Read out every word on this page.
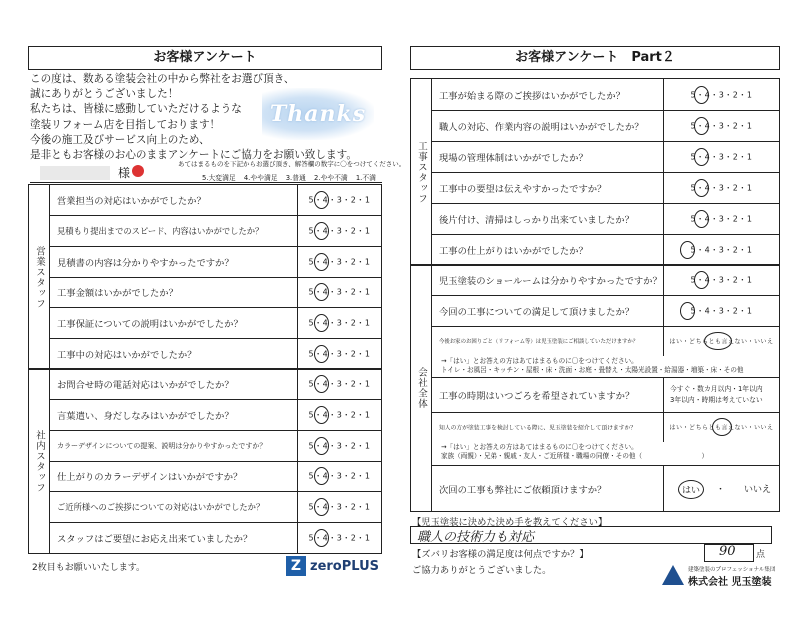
お客様アンケート
この度は、数ある塗装会社の中から弊社をお選び頂き、
誠にありがとうございました！
私たちは、皆様に感動していただけるような
塗装リフォーム店を目指しております！
今後の施工及びサービス向上のため、
是非ともお客様のお心のままアンケートにご協力をお願い致します。
Thanks
様
あてはまるものを下記からお選び頂き、解答欄の数字に〇をつけてください。
5.大変満足 4.やや満足 3.普通 2.やや不満 1.不満
営業スタッフ
営業担当の対応はいかがでしたか？	5・4・3・2・1
見積もり提出までのスピード、内容はいかがでしたか？	5・4・3・2・1
見積書の内容は分かりやすかったですか？	5・4・3・2・1
工事金額はいかがでしたか？	5・4・3・2・1
工事保証についての説明はいかがでしたか？	5・4・3・2・1
工事中の対応はいかがでしたか？	5・4・3・2・1
社内スタッフ
お問合せ時の電話対応はいかがでしたか？	5・4・3・2・1
言葉遣い、身だしなみはいかがでしたか？	5・4・3・2・1
カラーデザインについての提案、説明は分かりやすかったですか？	5・4・3・2・1
仕上がりのカラーデザインはいかがですか？	5・4・3・2・1
ご近所様へのご挨拶についての対応はいかがでしたか？	5・4・3・2・1
スタッフはご要望にお応え出来ていましたか？	5・4・3・2・1
2枚目もお願いいたします。	Z zeroPLUS
お客様アンケート　Part２
工事スタッフ
工事が始まる際のご挨拶はいかがでしたか？	5・4・3・2・1
職人の対応、作業内容の説明はいかがでしたか？	5・4・3・2・1
現場の管理体制はいかがでしたか？	5・4・3・2・1
工事中の要望は伝えやすかったですか？	5・4・3・2・1
後片付け、清掃はしっかり出来ていましたか？	5・4・3・2・1
工事の仕上がりはいかがでしたか？	5・4・3・2・1
会社全体
児玉塗装のショールームは分かりやすかったですか？	5・4・3・2・1
今回の工事についての満足して頂けましたか？	5・4・3・2・1
今後お家のお困りごと（リフォーム等）は児玉塗装にご相談していただけますか？	はい・どちらとも言えない・いいえ
→「はい」とお答えの方はあてはまるものに〇をつけてください。
トイレ・お風呂・キッチン・屋根・床・洗面・お庭・畳替え・太陽光設置・給湯器・増築・床・その他
工事の時期はいつごろを希望されていますか？
今すぐ・数カ月以内・1年以内
3年以内・時期は考えていない
知人の方が塗装工事を検討している際に、児玉塗装を紹介して頂けますか？	はい・どちらとも言えない・いいえ
→「はい」とお答えの方はあてはまるものに〇をつけてください。
家族（両親）・兄弟・親戚・友人・ご近所様・職場の同僚・その他（　　　　　　　　　）
次回の工事も弊社にご依頼頂けますか？	はい	・ いいえ
【児玉塗装に決めた決め手を教えてください】
職人の技術力も対応
【ズバリお客様の満足度は何点ですか？】	90 点
ご協力ありがとうございました。	建築塗装のプロフェッショナル集団
株式会社 児玉塗装
